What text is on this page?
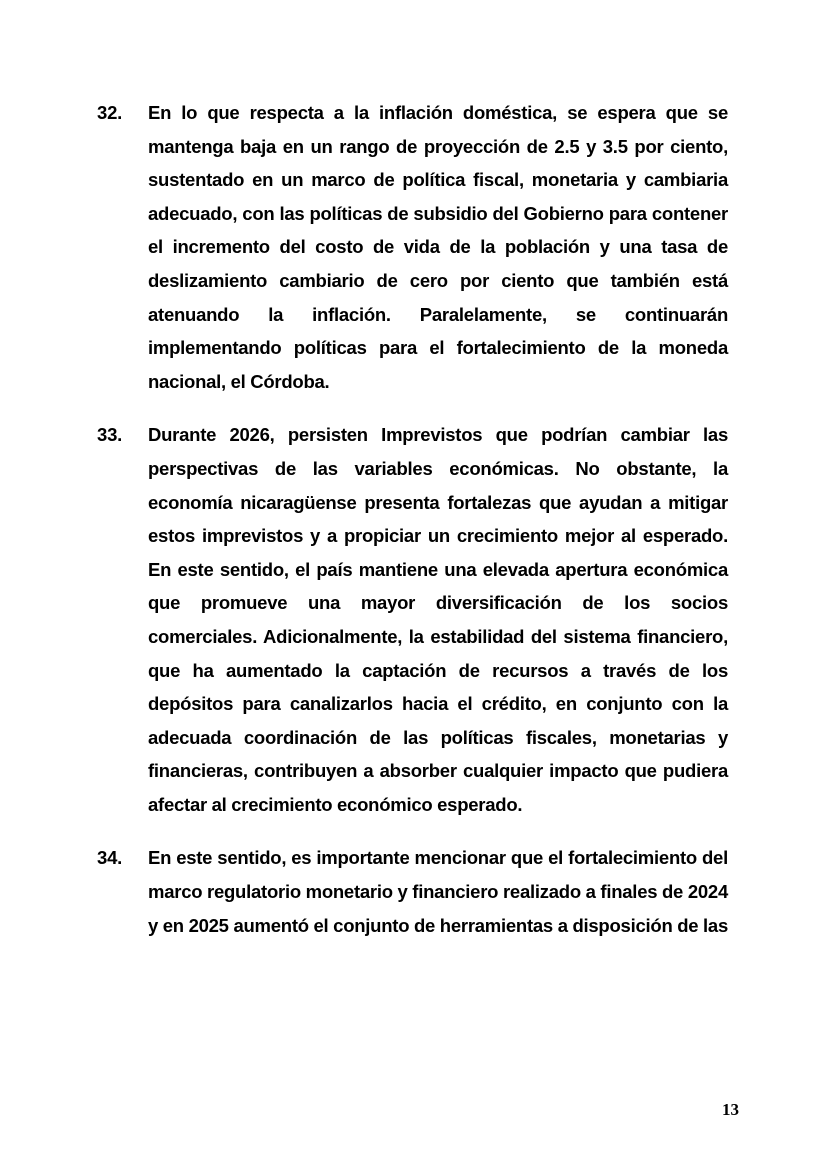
32.	En lo que respecta a la inflación doméstica, se espera que se mantenga baja en un rango de proyección de 2.5 y 3.5 por ciento, sustentado en un marco de política fiscal, monetaria y cambiaria adecuado, con las políticas de subsidio del Gobierno para contener el incremento del costo de vida de la población y una tasa de deslizamiento cambiario de cero por ciento que también está atenuando la inflación. Paralelamente, se continuarán implementando políticas para el fortalecimiento de la moneda nacional, el Córdoba.
33.	Durante 2026, persisten Imprevistos que podrían cambiar las perspectivas de las variables económicas. No obstante, la economía nicaragüense presenta fortalezas que ayudan a mitigar estos imprevistos y a propiciar un crecimiento mejor al esperado. En este sentido, el país mantiene una elevada apertura económica que promueve una mayor diversificación de los socios comerciales. Adicionalmente, la estabilidad del sistema financiero, que ha aumentado la captación de recursos a través de los depósitos para canalizarlos hacia el crédito, en conjunto con la adecuada coordinación de las políticas fiscales, monetarias y financieras, contribuyen a absorber cualquier impacto que pudiera afectar al crecimiento económico esperado.
34.	En este sentido, es importante mencionar que el fortalecimiento del marco regulatorio monetario y financiero realizado a finales de 2024 y en 2025 aumentó el conjunto de herramientas a disposición de las
13
